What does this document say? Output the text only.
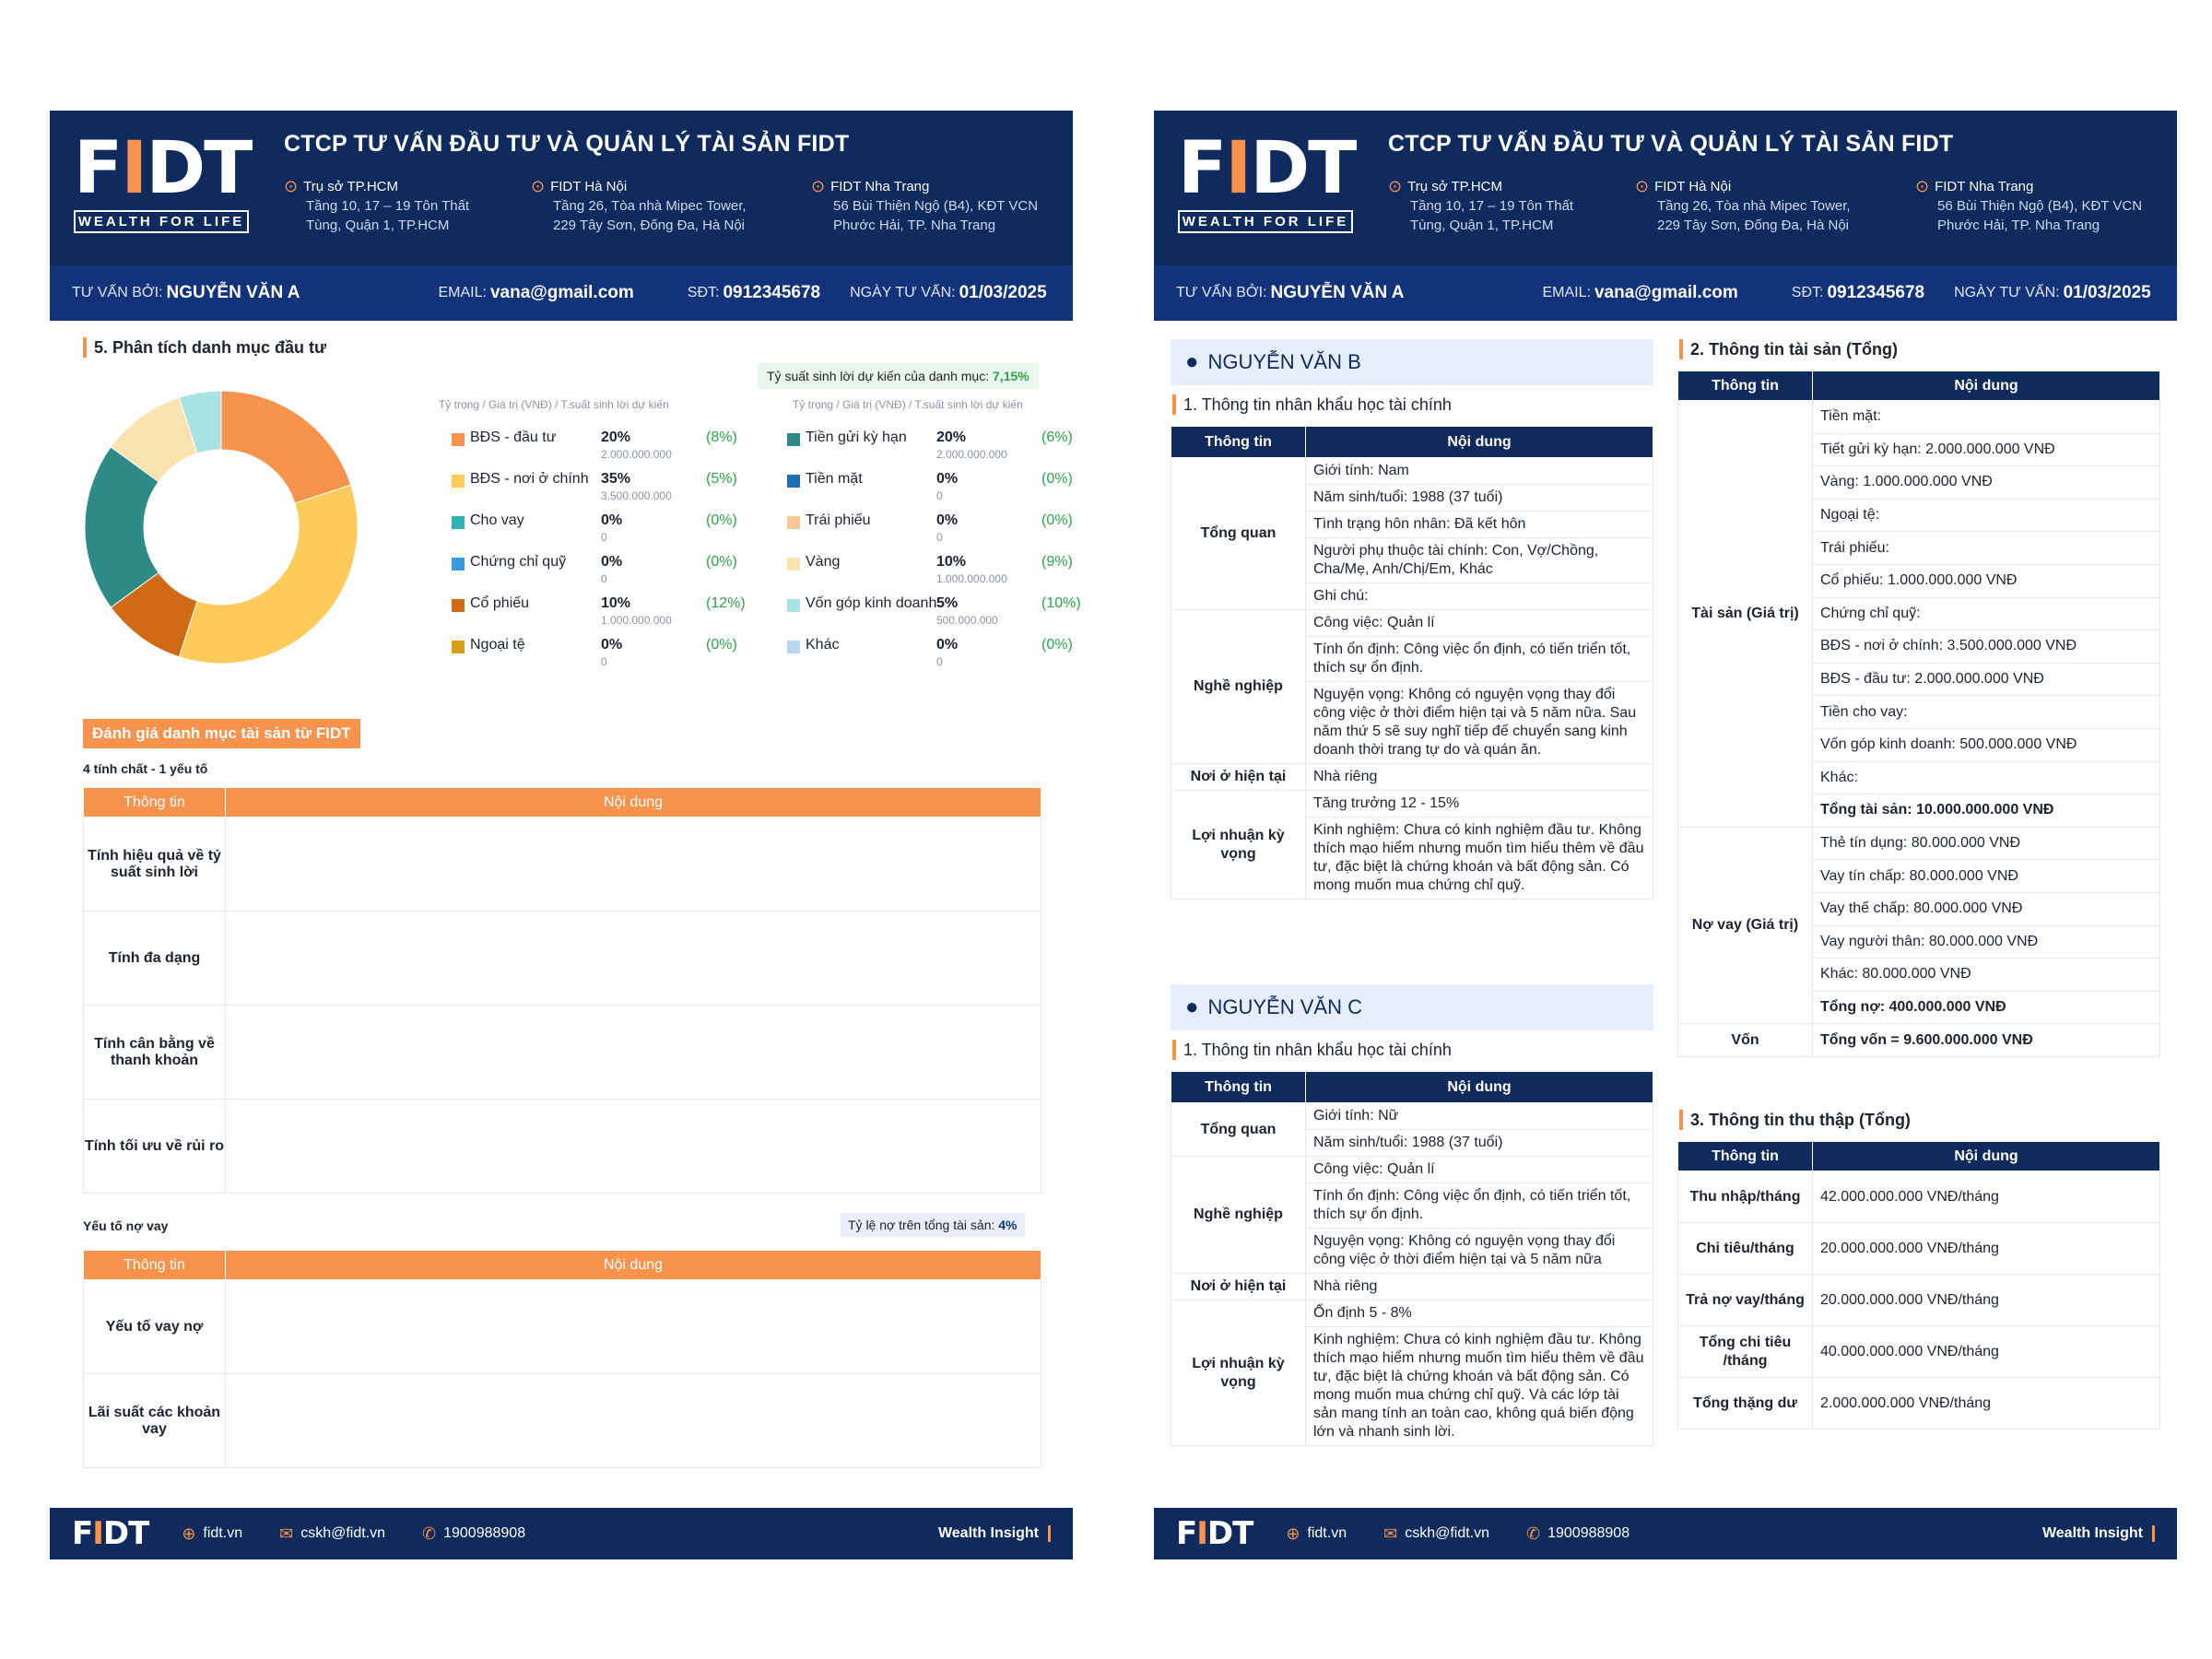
FIDT
WEALTH FOR LIFE
CTCP TƯ VẤN ĐẦU TƯ VÀ QUẢN LÝ TÀI SẢN FIDT
⊙ Trụ sở TP.HCM
Tầng 10, 17 – 19 Tôn Thất
Tùng, Quận 1, TP.HCM
⊙ FIDT Hà Nội
Tầng 26, Tòa nhà Mipec Tower,
229 Tây Sơn, Đống Đa, Hà Nội
⊙ FIDT Nha Trang
56 Bùi Thiện Ngộ (B4), KĐT VCN
Phước Hải, TP. Nha Trang
TƯ VẤN BỞI: NGUYỄN VĂN A	EMAIL: vana@gmail.com	SĐT: 0912345678 NGÀY TƯ VẤN: 01/03/2025
5. Phân tích danh mục đầu tư
Tỷ suất sinh lời dự kiến của danh mục: 7,15%
Tỷ trọng / Giá trị (VNĐ) / T.suất sinh lời dự kiến	Tỷ trọng / Giá trị (VNĐ) / T.suất sinh lời dự kiến
BĐS - đầu tư	20%
2.000.000.000
(8%)
BĐS - nơi ở chính 35%
3.500.000.000
(5%)
Cho vay	0%
0
(0%)
Chứng chỉ quỹ 0%
0
(0%)
Cổ phiếu	10%
1.000.000.000
(12%)
Ngoại tệ	0%
0
(0%)
Tiền gửi kỳ hạn 20%
2.000.000.000
(6%)
Tiền mặt	0%
0
(0%)
Trái phiếu	0%
0
(0%)
Vàng	10%
1.000.000.000
(9%)
Vốn góp kinh doanh 5%
500.000.000
(10%)
Khác	0%
0
(0%)
Đánh giá danh mục tài sản từ FIDT
4 tính chất - 1 yếu tố
Thông tin	Nội dung
Tính hiệu quả về tỷ suất sinh lời	
Tính đa dạng	
Tính cân bằng về thanh khoản	
Tính tối ưu về rủi ro	
Yếu tố nợ vay	Tỷ lệ nợ trên tổng tài sản: 4%
Thông tin	Nội dung
Yếu tố vay nợ	
Lãi suất các khoản vay	
FIDT ⊕ fidt.vn ✉ cskh@fidt.vn ✆ 1900988908	Wealth Insight
FIDT
WEALTH FOR LIFE
CTCP TƯ VẤN ĐẦU TƯ VÀ QUẢN LÝ TÀI SẢN FIDT
⊙ Trụ sở TP.HCM
Tầng 10, 17 – 19 Tôn Thất
Tùng, Quận 1, TP.HCM
⊙ FIDT Hà Nội
Tầng 26, Tòa nhà Mipec Tower,
229 Tây Sơn, Đống Đa, Hà Nội
⊙ FIDT Nha Trang
56 Bùi Thiện Ngộ (B4), KĐT VCN
Phước Hải, TP. Nha Trang
TƯ VẤN BỞI: NGUYỄN VĂN A	EMAIL: vana@gmail.com	SĐT: 0912345678 NGÀY TƯ VẤN: 01/03/2025
● NGUYỄN VĂN B
1. Thông tin nhân khẩu học tài chính
Thông tin	Nội dung
Tổng quan	Giới tính: Nam
	Năm sinh/tuổi: 1988 (37 tuổi)
	Tình trạng hôn nhân: Đã kết hôn
	Người phụ thuộc tài chính: Con, Vợ/Chồng, Cha/Mẹ, Anh/Chị/Em, Khác
	Ghi chú:
Nghề nghiệp	Công việc: Quản lí
	Tính ổn định: Công việc ổn định, có tiến triển tốt, thích sự ổn định.
	Nguyện vọng: Không có nguyện vọng thay đổi công việc ở thời điểm hiện tại và 5 năm nữa. Sau năm thứ 5 sẽ suy nghĩ tiếp đế chuyển sang kinh doanh thời trang tự do và quán ăn.
Nơi ở hiện tại	Nhà riêng
Lợi nhuận kỳ vọng	Tăng trưởng 12 - 15%
	Kinh nghiệm: Chưa có kinh nghiệm đầu tư. Không thích mạo hiểm nhưng muốn tìm hiểu thêm về đầu tư, đặc biệt là chứng khoán và bất động sản. Có mong muốn mua chứng chỉ quỹ.
● NGUYỄN VĂN C
1. Thông tin nhân khẩu học tài chính
Thông tin	Nội dung
Tổng quan	Giới tính: Nữ
	Năm sinh/tuổi: 1988 (37 tuổi)
Nghề nghiệp	Công việc: Quản lí
	Tính ổn định: Công việc ổn định, có tiến triển tốt, thích sự ổn định.
	Nguyện vọng: Không có nguyện vọng thay đổi công việc ở thời điểm hiện tại và 5 năm nữa
Nơi ở hiện tại	Nhà riêng
Lợi nhuận kỳ vọng	Ổn định 5 - 8%
	Kinh nghiệm: Chưa có kinh nghiệm đầu tư. Không thích mạo hiểm nhưng muốn tìm hiểu thêm về đầu tư, đặc biệt là chứng khoán và bất động sản. Có mong muốn mua chứng chỉ quỹ. Và các lớp tài sản mang tính an toàn cao, không quá biến động lớn và nhanh sinh lời.
2. Thông tin tài sản (Tổng)
Thông tin	Nội dung
Tài sản (Giá trị)	Tiền mặt:
	Tiết gửi kỳ hạn: 2.000.000.000 VNĐ
	Vàng: 1.000.000.000 VNĐ
	Ngoại tệ:
	Trái phiếu:
	Cổ phiếu: 1.000.000.000 VNĐ
	Chứng chỉ quỹ:
	BĐS - nơi ở chính: 3.500.000.000 VNĐ
	BĐS - đầu tư: 2.000.000.000 VNĐ
	Tiền cho vay:
	Vốn góp kinh doanh: 500.000.000 VNĐ
	Khác:
	Tổng tài sản: 10.000.000.000 VNĐ
Nợ vay (Giá trị)	Thẻ tín dụng: 80.000.000 VNĐ
	Vay tín chấp: 80.000.000 VNĐ
	Vay thế chấp: 80.000.000 VNĐ
	Vay người thân: 80.000.000 VNĐ
	Khác: 80.000.000 VNĐ
	Tổng nợ: 400.000.000 VNĐ
Vốn	Tổng vốn = 9.600.000.000 VNĐ
3. Thông tin thu thập (Tổng)
Thông tin	Nội dung
Thu nhập/tháng	42.000.000.000 VNĐ/tháng
Chi tiêu/tháng	20.000.000.000 VNĐ/tháng
Trả nợ vay/tháng	20.000.000.000 VNĐ/tháng
Tổng chi tiêu /tháng	40.000.000.000 VNĐ/tháng
Tổng thặng dư	2.000.000.000 VNĐ/tháng
FIDT ⊕ fidt.vn ✉ cskh@fidt.vn ✆ 1900988908	Wealth Insight
